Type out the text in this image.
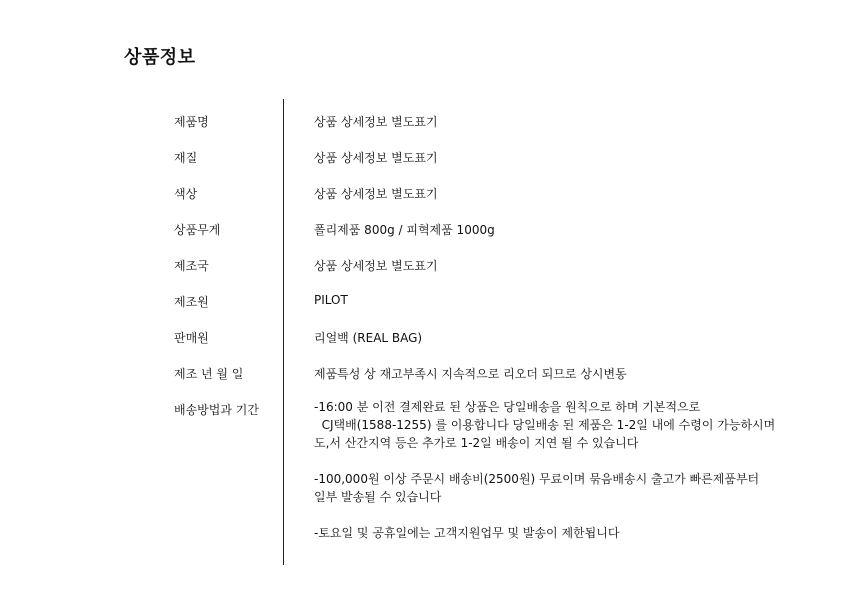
상품정보
제품명	상품 상세정보 별도표기
재질	상품 상세정보 별도표기
색상	상품 상세정보 별도표기
상품무게	폴리제품 800g / 피혁제품 1000g
제조국	상품 상세정보 별도표기
제조원	PILOT
판매원	리얼백 (REAL BAG)
제조 년 월 일	제품특성 상 재고부족시 지속적으로 리오더 되므로 상시변동
배송방법과 기간	-16:00 분 이전 결제완료 된 상품은 당일배송을 원칙으로 하며 기본적으로
CJ택배(1588-1255) 를 이용합니다 당일배송 된 제품은 1-2일 내에 수령이 가능하시며
도,서 산간지역 등은 추가로 1-2일 배송이 지연 될 수 있습니다
-100,000원 이상 주문시 배송비(2500원) 무료이며 묶음배송시 출고가 빠른제품부터
일부 발송될 수 있습니다
-토요일 및 공휴일에는 고객지원업무 및 발송이 제한됩니다
